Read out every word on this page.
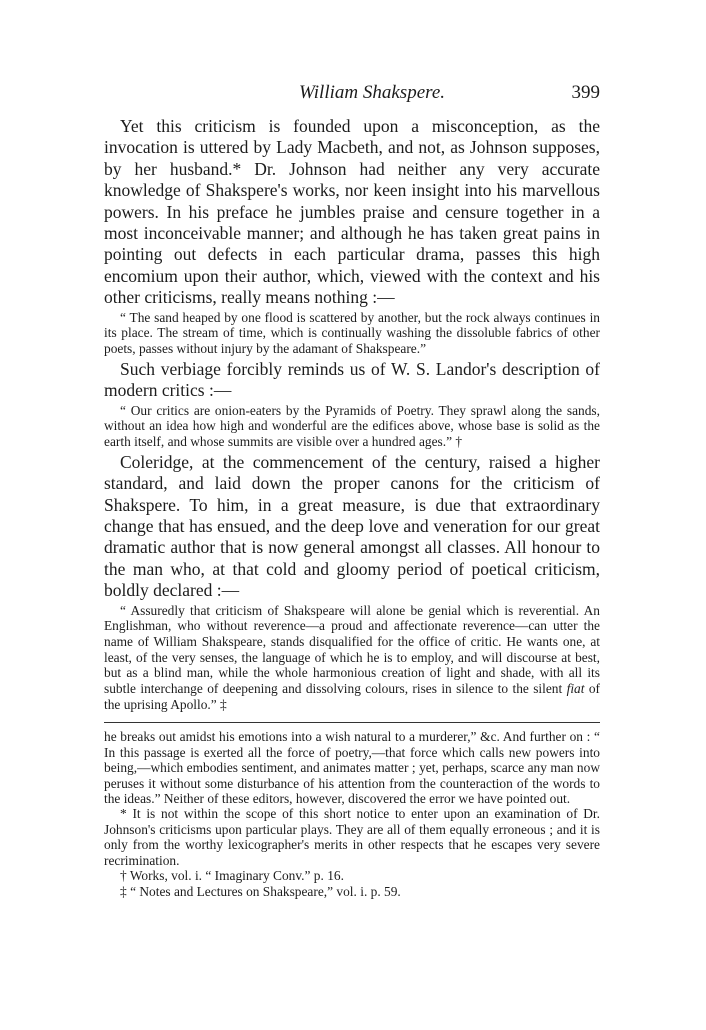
William Shakspere.	399

Yet this criticism is founded upon a misconception, as the invocation is uttered by Lady Macbeth, and not, as Johnson supposes, by her husband.* Dr. Johnson had neither any very accurate knowledge of Shakspere's works, nor keen insight into his marvellous powers. In his preface he jumbles praise and censure together in a most inconceivable manner; and although he has taken great pains in pointing out defects in each particular drama, passes this high encomium upon their author, which, viewed with the context and his other criticisms, really means nothing :—

“ The sand heaped by one flood is scattered by another, but the rock always continues in its place. The stream of time, which is continually washing the dissoluble fabrics of other poets, passes without injury by the adamant of Shakspeare.”

Such verbiage forcibly reminds us of W. S. Landor's description of modern critics :—

“ Our critics are onion-eaters by the Pyramids of Poetry. They sprawl along the sands, without an idea how high and wonderful are the edifices above, whose base is solid as the earth itself, and whose summits are visible over a hundred ages.” †

Coleridge, at the commencement of the century, raised a higher standard, and laid down the proper canons for the criticism of Shakspere. To him, in a great measure, is due that extraordinary change that has ensued, and the deep love and veneration for our great dramatic author that is now general amongst all classes. All honour to the man who, at that cold and gloomy period of poetical criticism, boldly declared :—

“ Assuredly that criticism of Shakspeare will alone be genial which is reverential. An Englishman, who without reverence—a proud and affectionate reverence—can utter the name of William Shakspeare, stands disqualified for the office of critic. He wants one, at least, of the very senses, the language of which he is to employ, and will discourse at best, but as a blind man, while the whole harmonious creation of light and shade, with all its subtle interchange of deepening and dissolving colours, rises in silence to the silent fiat of the uprising Apollo.” ‡

he breaks out amidst his emotions into a wish natural to a murderer,” &c. And further on : “ In this passage is exerted all the force of poetry,—that force which calls new powers into being,—which embodies sentiment, and animates matter ; yet, perhaps, scarce any man now peruses it without some disturbance of his attention from the counteraction of the words to the ideas.” Neither of these editors, however, discovered the error we have pointed out.

* It is not within the scope of this short notice to enter upon an examination of Dr. Johnson's criticisms upon particular plays. They are all of them equally erroneous ; and it is only from the worthy lexicographer's merits in other respects that he escapes very severe recrimination.

† Works, vol. i. “ Imaginary Conv.” p. 16.

‡ “ Notes and Lectures on Shakspeare,” vol. i. p. 59.
